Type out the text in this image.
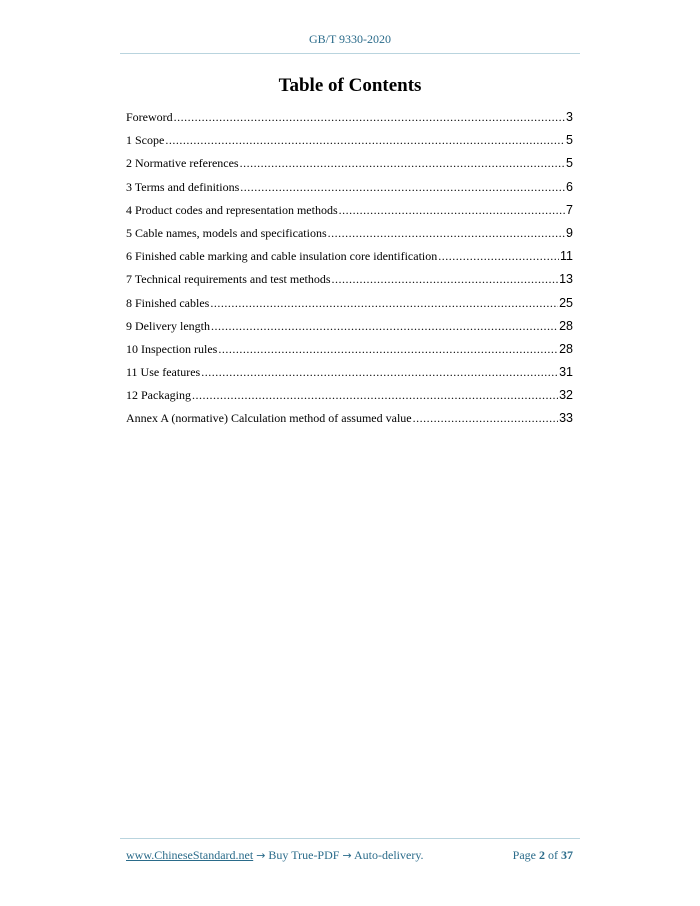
GB/T 9330-2020
Table of Contents
Foreword .....	3
1 Scope .....	5
2 Normative references .....	5
3 Terms and definitions .....	6
4 Product codes and representation methods .....	7
5 Cable names, models and specifications .....	9
6 Finished cable marking and cable insulation core identification .....	11
7 Technical requirements and test methods .....	13
8 Finished cables .....	25
9 Delivery length .....	28
10 Inspection rules .....	28
11 Use features .....	31
12 Packaging .....	32
Annex A (normative) Calculation method of assumed value .....	33
www.ChineseStandard.net → Buy True-PDF → Auto-delivery.	Page 2 of 37
